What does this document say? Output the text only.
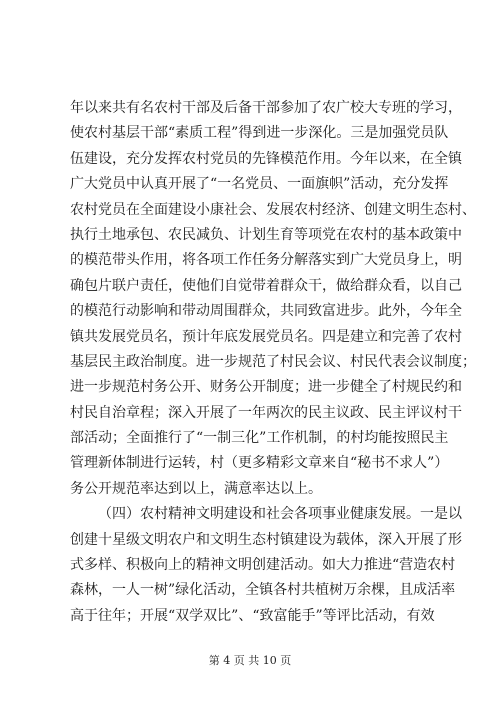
年以来共有名农村干部及后备干部参加了农广校大专班的学习，
使农村基层干部“素质工程”得到进一步深化。三是加强党员队
伍建设，充分发挥农村党员的先锋模范作用。今年以来，在全镇
广大党员中认真开展了“一名党员、一面旗帜”活动，充分发挥
农村党员在全面建设小康社会、发展农村经济、创建文明生态村、
执行土地承包、农民减负、计划生育等项党在农村的基本政策中
的模范带头作用，将各项工作任务分解落实到广大党员身上，明
确包片联户责任，使他们自觉带着群众干，做给群众看，以自己
的模范行动影响和带动周围群众，共同致富进步。此外，今年全
镇共发展党员名，预计年底发展党员名。四是建立和完善了农村
基层民主政治制度。进一步规范了村民会议、村民代表会议制度；
进一步规范村务公开、财务公开制度；进一步健全了村规民约和
村民自治章程；深入开展了一年两次的民主议政、民主评议村干
部活动；全面推行了“一制三化”工作机制，的村均能按照民主
管理新体制进行运转，村（更多精彩文章来自“秘书不求人”）
务公开规范率达到以上，满意率达以上。
（四）农村精神文明建设和社会各项事业健康发展。一是以
创建十星级文明农户和文明生态村镇建设为载体，深入开展了形
式多样、积极向上的精神文明创建活动。如大力推进“营造农村
森林，一人一树”绿化活动，全镇各村共植树万余棵，且成活率
高于往年；开展“双学双比”、“致富能手”等评比活动，有效
第 4 页 共 10 页
